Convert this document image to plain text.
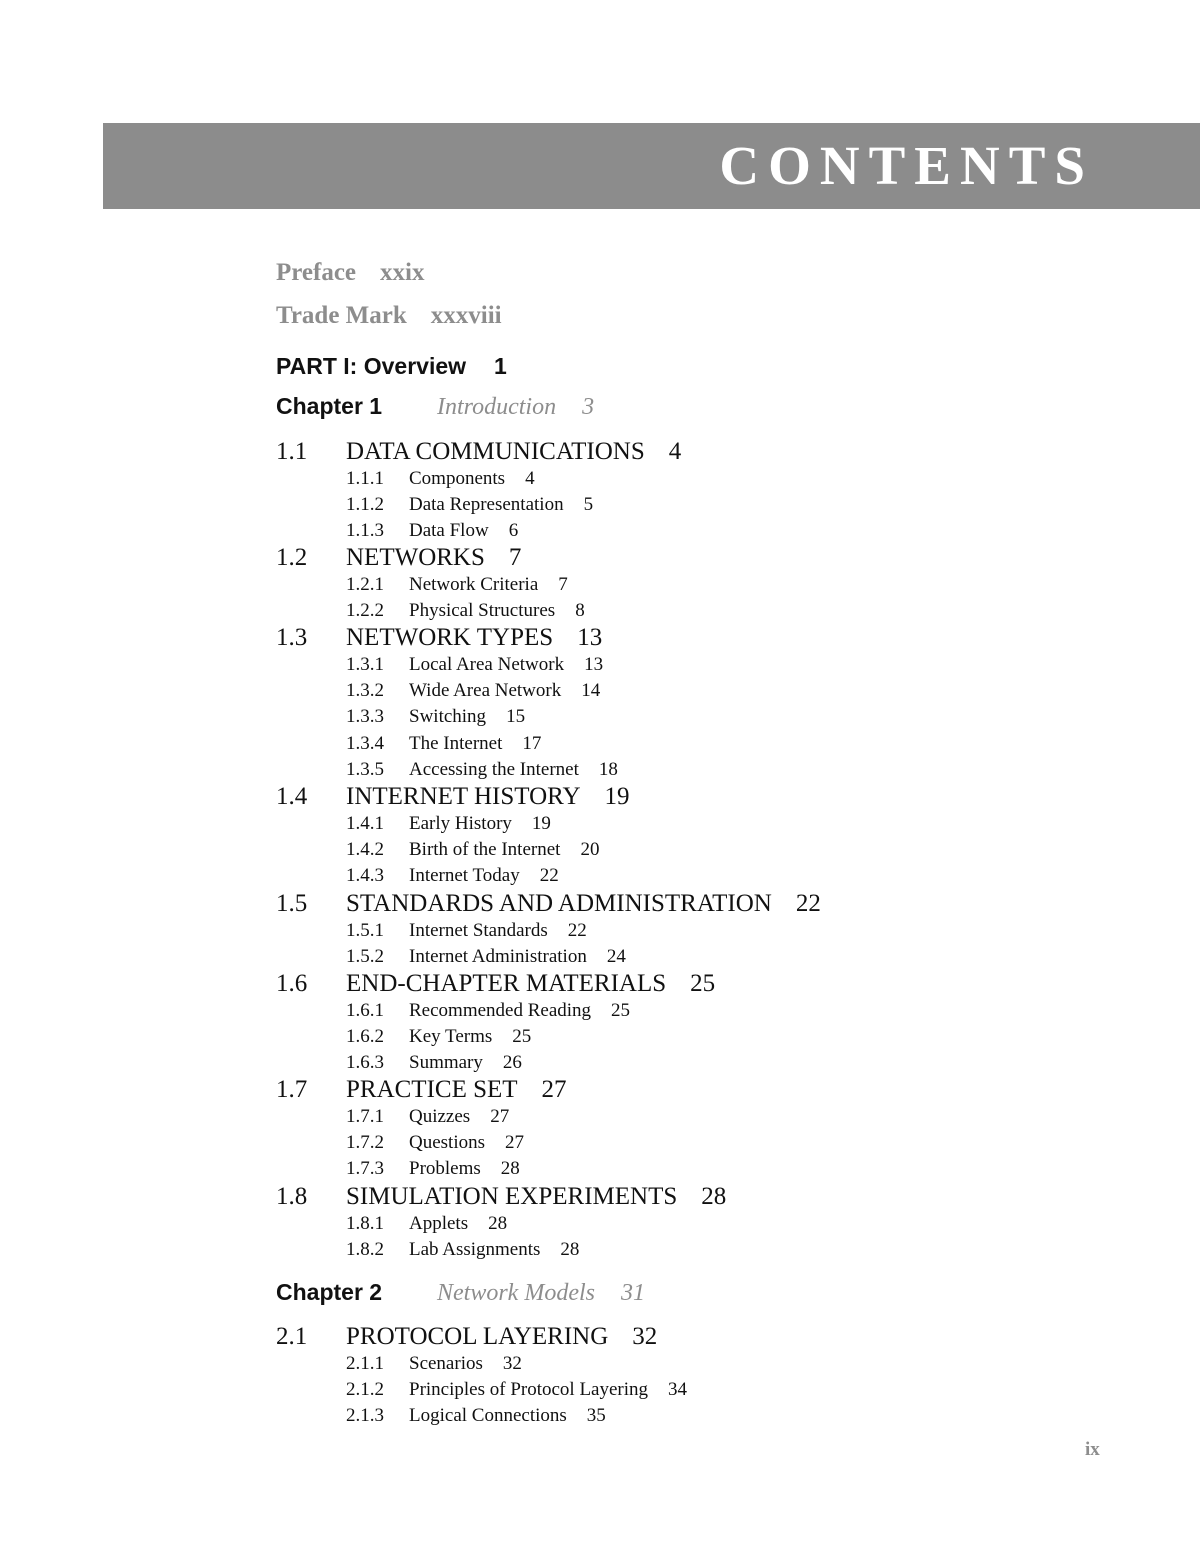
CONTENTS
Preface xxix
Trade Mark xxxviii
PART I: Overview 1
Chapter 1 Introduction 3
1.1 DATA COMMUNICATIONS 4
1.1.1 Components 4
1.1.2 Data Representation 5
1.1.3 Data Flow 6
1.2 NETWORKS 7
1.2.1 Network Criteria 7
1.2.2 Physical Structures 8
1.3 NETWORK TYPES 13
1.3.1 Local Area Network 13
1.3.2 Wide Area Network 14
1.3.3 Switching 15
1.3.4 The Internet 17
1.3.5 Accessing the Internet 18
1.4 INTERNET HISTORY 19
1.4.1 Early History 19
1.4.2 Birth of the Internet 20
1.4.3 Internet Today 22
1.5 STANDARDS AND ADMINISTRATION 22
1.5.1 Internet Standards 22
1.5.2 Internet Administration 24
1.6 END-CHAPTER MATERIALS 25
1.6.1 Recommended Reading 25
1.6.2 Key Terms 25
1.6.3 Summary 26
1.7 PRACTICE SET 27
1.7.1 Quizzes 27
1.7.2 Questions 27
1.7.3 Problems 28
1.8 SIMULATION EXPERIMENTS 28
1.8.1 Applets 28
1.8.2 Lab Assignments 28
Chapter 2 Network Models 31
2.1 PROTOCOL LAYERING 32
2.1.1 Scenarios 32
2.1.2 Principles of Protocol Layering 34
2.1.3 Logical Connections 35
ix
